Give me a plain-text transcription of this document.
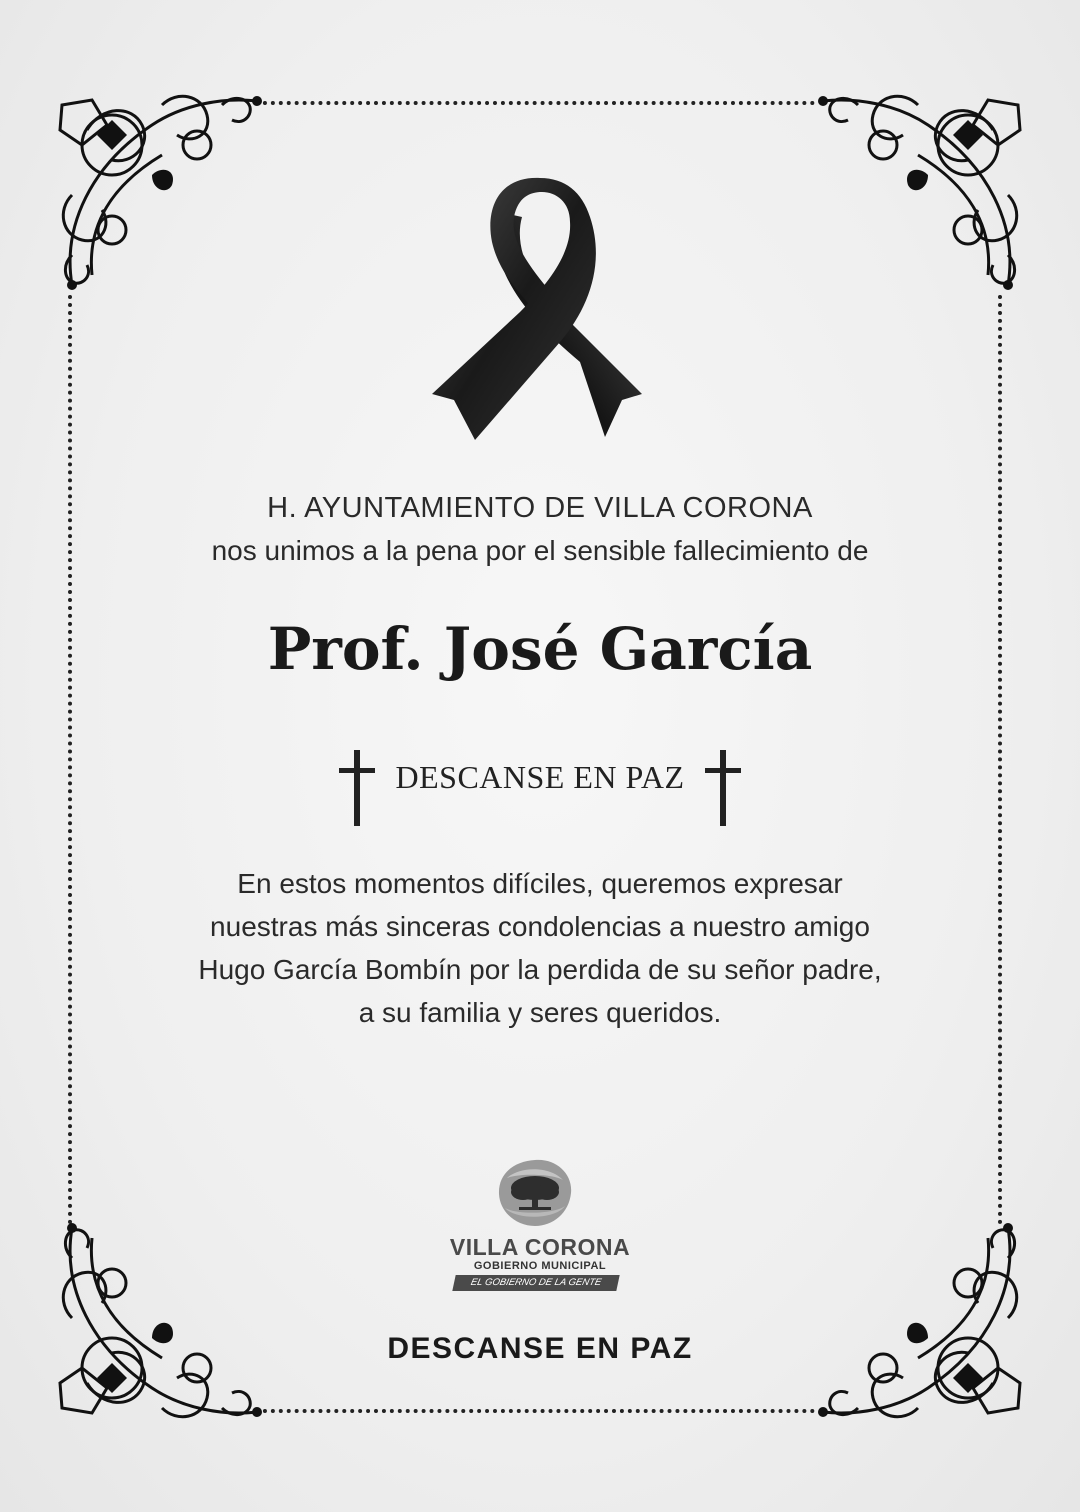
H. AYUNTAMIENTO DE VILLA CORONA
nos unimos a la pena por el sensible fallecimiento de
Prof. José García
DESCANSE EN PAZ
En estos momentos difíciles, queremos expresar nuestras más sinceras condolencias a nuestro amigo Hugo García Bombín por la perdida de su señor padre, a su familia y seres queridos.
VILLA CORONA
GOBIERNO MUNICIPAL
EL GOBIERNO DE LA GENTE
DESCANSE EN PAZ
